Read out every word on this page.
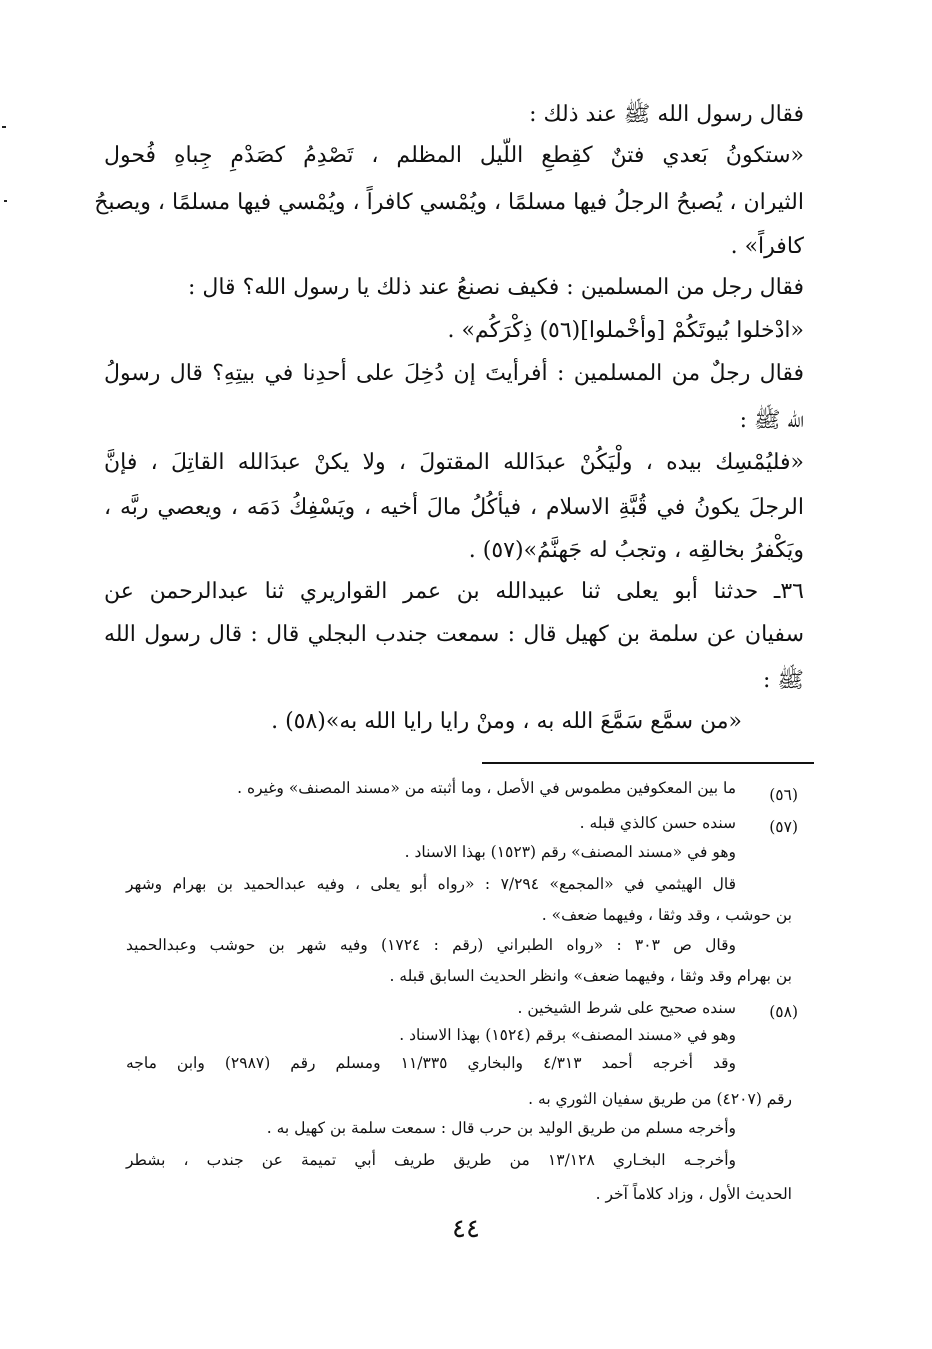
فقال رسول الله ﷺ عند ذلك :
«ستكونُ بَعدي فتنٌ كقِطعِ اللّيل المظلم ، تَصْدِمُ كصَدْمِ جِباهِ فُحول
الثيران ، يُصبحُ الرجلُ فيها مسلمًا ، ويُمْسي كافراً ، ويُمْسي فيها مسلمًا ، ويصبحُ
كافراً» .
فقال رجل من المسلمين : فكيف نصنعُ عند ذلك يا رسول الله؟ قال :
«ادْخلوا بُيوتَكُمْ [وأخْملوا](٥٦) ذِكْرَكُم» .
فقال رجلٌ من المسلمين : أفرأيتَ إن دُخِلَ على أحدِنا في بيتِهِ؟ قال رسولُ
الله ﷺ :
«فليُمْسِك بيده ، ولْيَكُنْ عبدَالله المقتولَ ، ولا يكنْ عبدَالله القاتِلَ ، فإنَّ
الرجلَ يكونُ في قُبَّةِ الاسلام ، فيأكُلُ مالَ أخيه ، ويَسْفِكُ دَمَه ، ويعصي ربَّه ،
ويَكْفرُ بخالقِه ، وتجبُ له جَهنَّمُ»(٥٧) .
٣٦ـ حدثنا أبو يعلى ثنا عبيدالله بن عمر القواريري ثنا عبدالرحمن عن
سفيان عن سلمة بن كهيل قال : سمعت جندب البجلي قال : قال رسول الله
ﷺ :
«من سمَّع سَمَّعَ الله به ، ومنْ رايا رايا الله به»(٥٨) .
(٥٦)
ما بين المعكوفين مطموس في الأصل ، وما أثبته من «مسند المصنف» وغيره .
(٥٧)
سنده حسن كالذي قبله .
وهو في «مسند المصنف» رقم (١٥٢٣) بهذا الاسناد .
قال الهيثمي في «المجمع» ٧/٢٩٤ : «رواه أبو يعلى ، وفيه عبدالحميد بن بهرام وشهر
بن حوشب ، وقد وثقا ، وفيهما ضعف» .
وقال ص ٣٠٣ : «رواه الطبراني (رقم : ١٧٢٤) وفيه شهر بن حوشب وعبدالحميد
بن بهرام وقد وثقا ، وفيهما ضعف» وانظر الحديث السابق قبله .
(٥٨)
سنده صحيح على شرط الشيخين .
وهو في «مسند المصنف» برقم (١٥٢٤) بهذا الاسناد .
وقد أخرجه أحمد ٤/٣١٣ والبخاري ١١/٣٣٥ ومسلم رقم (٢٩٨٧) وابن ماجه
رقم (٤٢٠٧) من طريق سفيان الثوري به .
وأخرجه مسلم من طريق الوليد بن حرب قال : سمعت سلمة بن كهيل به .
وأخرجـه البخـاري ١٣/١٢٨ من طريق طريف أبي تميمة عن جندب ، بشطر
الحديث الأول ، وزاد كلاماً آخر .
٤٤
